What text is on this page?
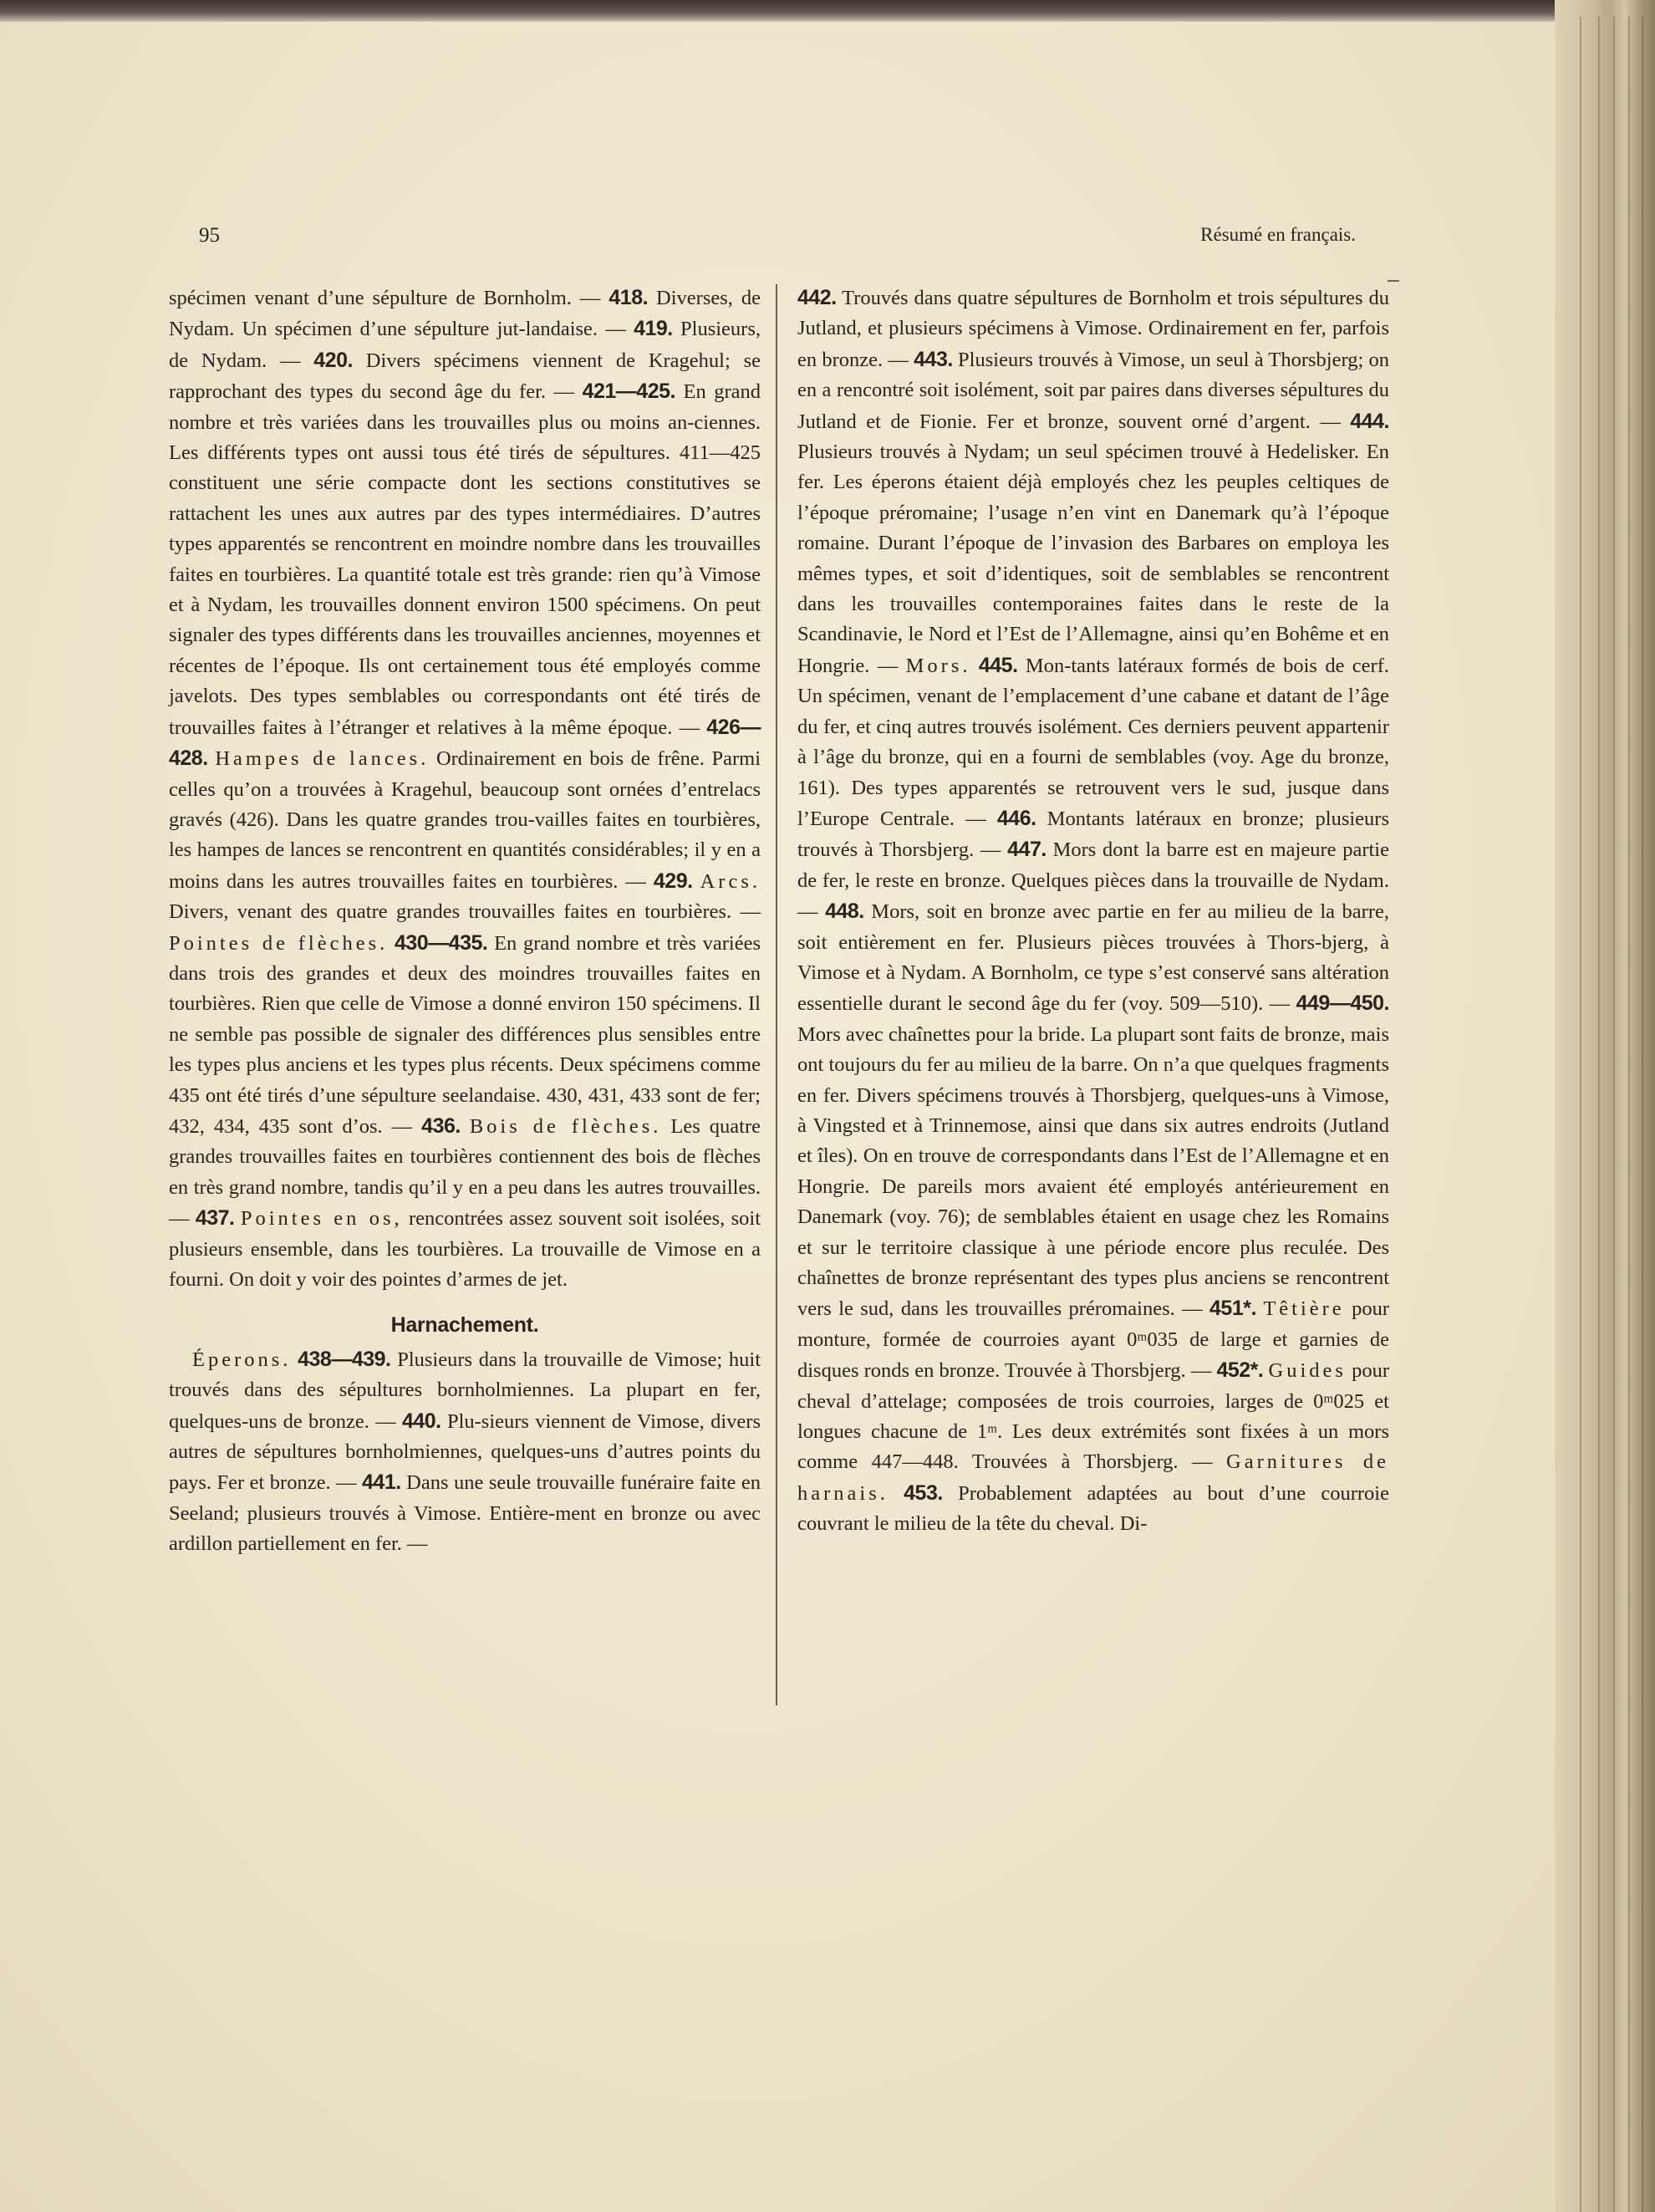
95	Résumé en français.

spécimen venant d’une sépulture de Bornholm. — 418. Diverses, de Nydam. Un spécimen d’une sépulture jut-landaise. — 419. Plusieurs, de Nydam. — 420. Divers spécimens viennent de Kragehul; se rapprochant des types du second âge du fer. — 421—425. En grand nombre et très variées dans les trouvailles plus ou moins an-ciennes. Les différents types ont aussi tous été tirés de sépultures. 411—425 constituent une série compacte dont les sections constitutives se rattachent les unes aux autres par des types intermédiaires. D’autres types apparentés se rencontrent en moindre nombre dans les trouvailles faites en tourbières. La quantité totale est très grande: rien qu’à Vimose et à Nydam, les trouvailles donnent environ 1500 spécimens. On peut signaler des types différents dans les trouvailles anciennes, moyennes et récentes de l’époque. Ils ont certainement tous été employés comme javelots. Des types semblables ou correspondants ont été tirés de trouvailles faites à l’étranger et relatives à la même époque. — 426—428. Hampes de lances. Ordinairement en bois de frêne. Parmi celles qu’on a trouvées à Kragehul, beaucoup sont ornées d’entrelacs gravés (426). Dans les quatre grandes trou-vailles faites en tourbières, les hampes de lances se rencontrent en quantités considérables; il y en a moins dans les autres trouvailles faites en tourbières. — 429. Arcs. Divers, venant des quatre grandes trouvailles faites en tourbières. — Pointes de flèches. 430—435. En grand nombre et très variées dans trois des grandes et deux des moindres trouvailles faites en tourbières. Rien que celle de Vimose a donné environ 150 spécimens. Il ne semble pas possible de signaler des différences plus sensibles entre les types plus anciens et les types plus récents. Deux spécimens comme 435 ont été tirés d’une sépulture seelandaise. 430, 431, 433 sont de fer; 432, 434, 435 sont d’os. — 436. Bois de flèches. Les quatre grandes trouvailles faites en tourbières contiennent des bois de flèches en très grand nombre, tandis qu’il y en a peu dans les autres trouvailles. — 437. Pointes en os, rencontrées assez souvent soit isolées, soit plusieurs ensemble, dans les tourbières. La trouvaille de Vimose en a fourni. On doit y voir des pointes d’armes de jet.

Harnachement.

Éperons. 438—439. Plusieurs dans la trouvaille de Vimose; huit trouvés dans des sépultures bornholmiennes. La plupart en fer, quelques-uns de bronze. — 440. Plu-sieurs viennent de Vimose, divers autres de sépultures bornholmiennes, quelques-uns d’autres points du pays. Fer et bronze. — 441. Dans une seule trouvaille funéraire faite en Seeland; plusieurs trouvés à Vimose. Entière-ment en bronze ou avec ardillon partiellement en fer. —

442. Trouvés dans quatre sépultures de Bornholm et trois sépultures du Jutland, et plusieurs spécimens à Vimose. Ordinairement en fer, parfois en bronze. — 443. Plusieurs trouvés à Vimose, un seul à Thorsbjerg; on en a rencontré soit isolément, soit par paires dans diverses sépultures du Jutland et de Fionie. Fer et bronze, souvent orné d’argent. — 444. Plusieurs trouvés à Nydam; un seul spécimen trouvé à Hedelisker. En fer. Les éperons étaient déjà employés chez les peuples celtiques de l’époque préromaine; l’usage n’en vint en Danemark qu’à l’époque romaine. Durant l’époque de l’invasion des Barbares on employa les mêmes types, et soit d’identiques, soit de semblables se rencontrent dans les trouvailles contemporaines faites dans le reste de la Scandinavie, le Nord et l’Est de l’Allemagne, ainsi qu’en Bohême et en Hongrie. — Mors. 445. Mon-tants latéraux formés de bois de cerf. Un spécimen, venant de l’emplacement d’une cabane et datant de l’âge du fer, et cinq autres trouvés isolément. Ces derniers peuvent appartenir à l’âge du bronze, qui en a fourni de semblables (voy. Age du bronze, 161). Des types apparentés se retrouvent vers le sud, jusque dans l’Europe Centrale. — 446. Montants latéraux en bronze; plusieurs trouvés à Thorsbjerg. — 447. Mors dont la barre est en majeure partie de fer, le reste en bronze. Quelques pièces dans la trouvaille de Nydam. — 448. Mors, soit en bronze avec partie en fer au milieu de la barre, soit entièrement en fer. Plusieurs pièces trouvées à Thors-bjerg, à Vimose et à Nydam. A Bornholm, ce type s’est conservé sans altération essentielle durant le second âge du fer (voy. 509—510). — 449—450. Mors avec chaînettes pour la bride. La plupart sont faits de bronze, mais ont toujours du fer au milieu de la barre. On n’a que quelques fragments en fer. Divers spécimens trouvés à Thorsbjerg, quelques-uns à Vimose, à Vingsted et à Trinnemose, ainsi que dans six autres endroits (Jutland et îles). On en trouve de correspondants dans l’Est de l’Allemagne et en Hongrie. De pareils mors avaient été employés antérieurement en Danemark (voy. 76); de semblables étaient en usage chez les Romains et sur le territoire classique à une période encore plus reculée. Des chaînettes de bronze représentant des types plus anciens se rencontrent vers le sud, dans les trouvailles préromaines. — 451*. Têtière pour monture, formée de courroies ayant 0ᵐ035 de large et garnies de disques ronds en bronze. Trouvée à Thorsbjerg. — 452*. Guides pour cheval d’attelage; composées de trois courroies, larges de 0ᵐ025 et longues chacune de 1ᵐ. Les deux extrémités sont fixées à un mors comme 447—448. Trouvées à Thorsbjerg. — Garnitures de harnais. 453. Probablement adaptées au bout d’une courroie couvrant le milieu de la tête du cheval. Di-
